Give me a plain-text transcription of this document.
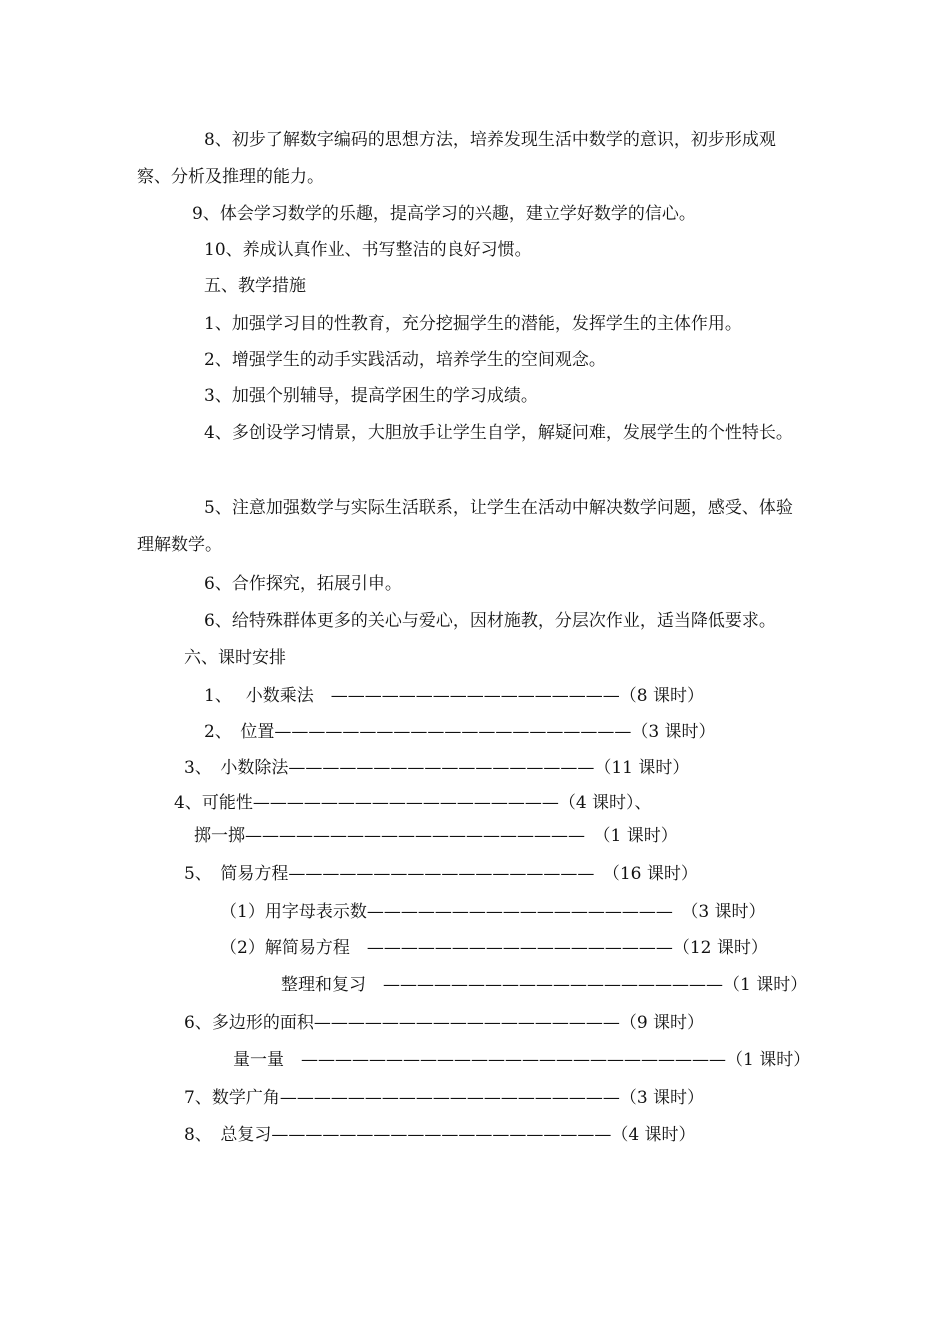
8、初步了解数字编码的思想方法，培养发现生活中数学的意识，初步形成观
察、分析及推理的能力。
9、体会学习数学的乐趣，提高学习的兴趣，建立学好数学的信心。
10、养成认真作业、书写整洁的良好习惯。
五、教学措施
1、加强学习目的性教育，充分挖掘学生的潜能，发挥学生的主体作用。
2、增强学生的动手实践活动，培养学生的空间观念。
3、加强个别辅导，提高学困生的学习成绩。
4、多创设学习情景，大胆放手让学生自学，解疑问难，发展学生的个性特长。
5、注意加强数学与实际生活联系，让学生在活动中解决数学问题，感受、体验
理解数学。
6、合作探究，拓展引申。
6、给特殊群体更多的关心与爱心，因材施教，分层次作业，适当降低要求。
六、课时安排
1、　 小数乘法　—————————————————（8 课时）
2、　位置—————————————————————（3 课时）
3、　小数除法——————————————————（11 课时）
4、可能性——————————————————（4 课时）、
掷一掷————————————————————　（1 课时）
5、　简易方程——————————————————　（16 课时）
（1）用字母表示数——————————————————　（3 课时）
（2）解简易方程　——————————————————（12 课时）
整理和复习　————————————————————（1 课时）
6、多边形的面积——————————————————（9 课时）
量一量　—————————————————————————（1 课时）
7、数学广角————————————————————（3 课时）
8、　总复习————————————————————（4 课时）
